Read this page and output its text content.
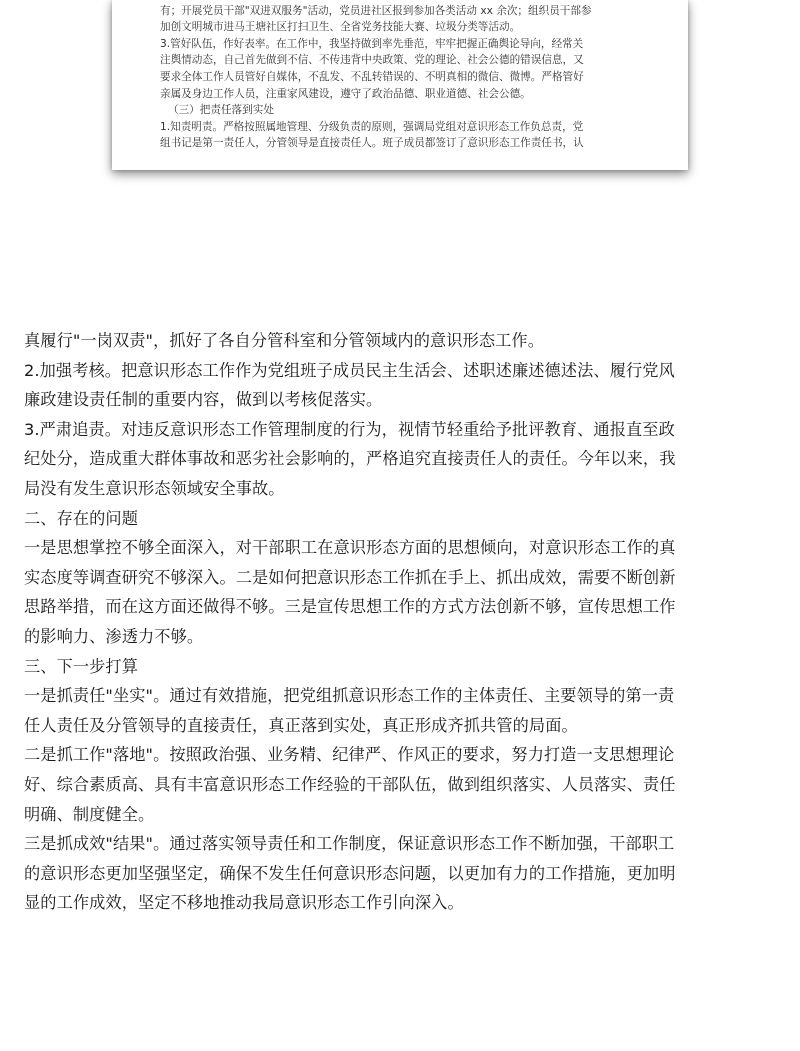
有；开展党员干部"双进双服务"活动，党员进社区报到参加各类活动 xx 余次；组织员干部参
加创文明城市进马王塘社区打扫卫生、全省党务技能大赛、垃圾分类等活动。
3.管好队伍，作好表率。在工作中，我坚持做到率先垂范，牢牢把握正确舆论导向，经常关
注舆情动态，自己首先做到不信、不传违背中央政策、党的理论、社会公德的错误信息，又
要求全体工作人员管好自媒体，不乱发、不乱转错误的、不明真相的微信、微博。严格管好
亲属及身边工作人员，注重家风建设，遵守了政治品德、职业道德、社会公德。
（三）把责任落到实处
1.知责明责。严格按照属地管理、分级负责的原则，强调局党组对意识形态工作负总责，党
组书记是第一责任人，分管领导是直接责任人。班子成员都签订了意识形态工作责任书，认
真履行"一岗双责"，抓好了各自分管科室和分管领域内的意识形态工作。
2.加强考核。把意识形态工作作为党组班子成员民主生活会、述职述廉述德述法、履行党风
廉政建设责任制的重要内容，做到以考核促落实。
3.严肃追责。对违反意识形态工作管理制度的行为，视情节轻重给予批评教育、通报直至政
纪处分，造成重大群体事故和恶劣社会影响的，严格追究直接责任人的责任。今年以来，我
局没有发生意识形态领域安全事故。
二、存在的问题
一是思想掌控不够全面深入，对干部职工在意识形态方面的思想倾向，对意识形态工作的真
实态度等调查研究不够深入。二是如何把意识形态工作抓在手上、抓出成效，需要不断创新
思路举措，而在这方面还做得不够。三是宣传思想工作的方式方法创新不够，宣传思想工作
的影响力、渗透力不够。
三、下一步打算
一是抓责任"坐实"。通过有效措施，把党组抓意识形态工作的主体责任、主要领导的第一责
任人责任及分管领导的直接责任，真正落到实处，真正形成齐抓共管的局面。
二是抓工作"落地"。按照政治强、业务精、纪律严、作风正的要求，努力打造一支思想理论
好、综合素质高、具有丰富意识形态工作经验的干部队伍，做到组织落实、人员落实、责任
明确、制度健全。
三是抓成效"结果"。通过落实领导责任和工作制度，保证意识形态工作不断加强，干部职工
的意识形态更加坚强坚定，确保不发生任何意识形态问题，以更加有力的工作措施，更加明
显的工作成效，坚定不移地推动我局意识形态工作引向深入。
